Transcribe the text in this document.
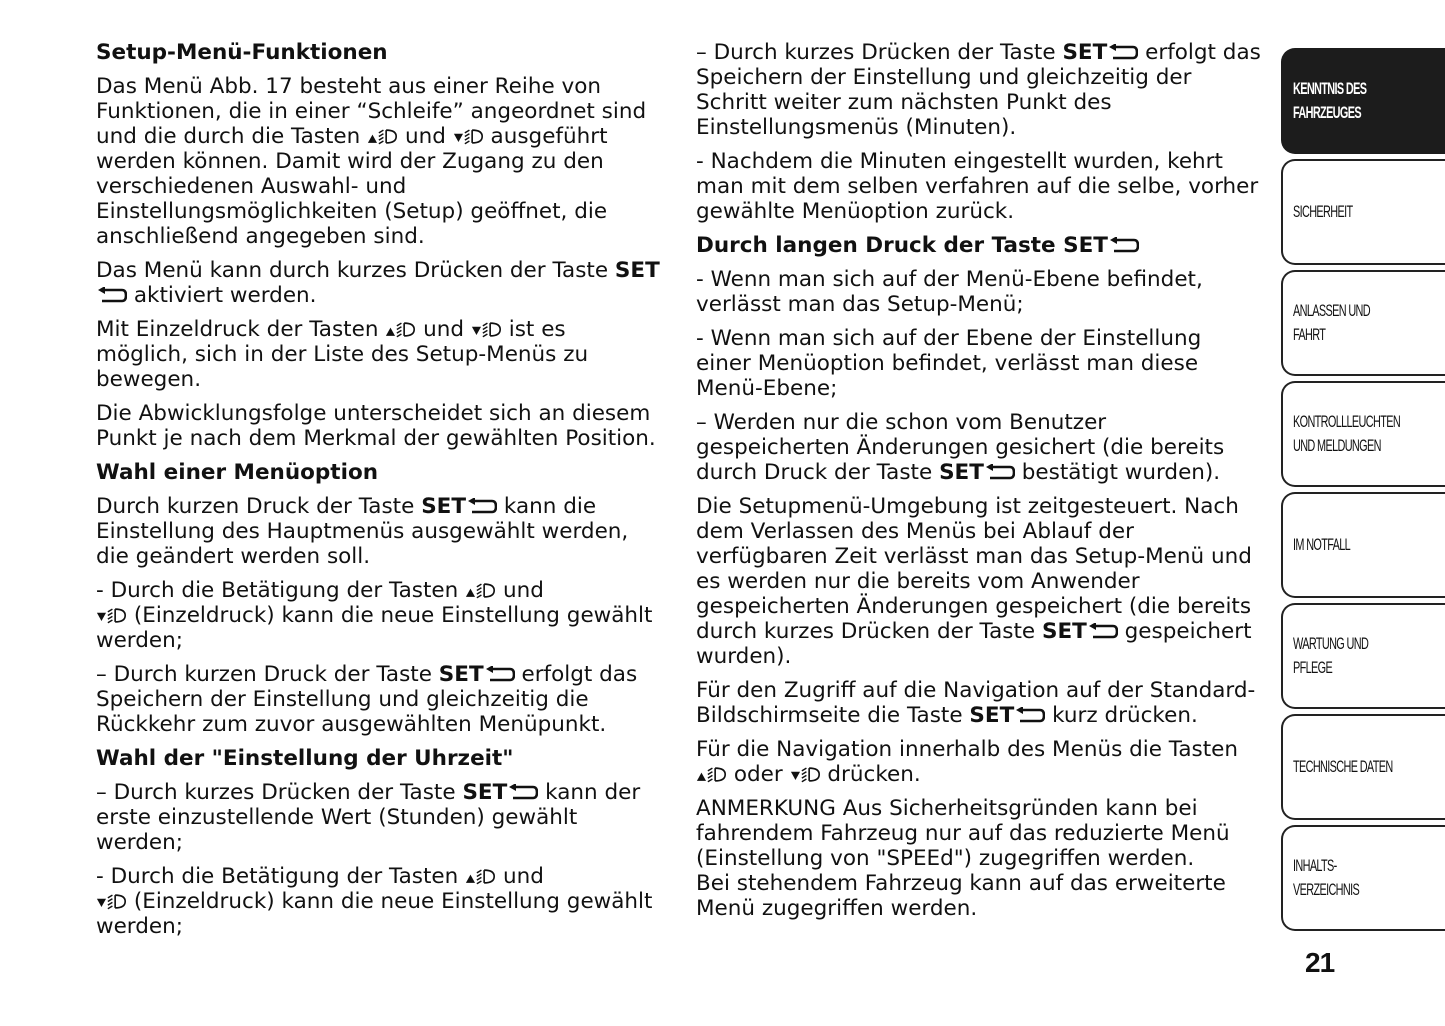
Setup-Menü-Funktionen

Das Menü Abb. 17 besteht aus einer Reihe von Funktionen, die in einer “Schleife” angeordnet sind und die durch die Tasten und ausgeführt werden können. Damit wird der Zugang zu den verschiedenen Auswahl- und Einstellungsmöglichkeiten (Setup) geöffnet, die anschließend angegeben sind.

Das Menü kann durch kurzes Drücken der Taste SET
aktiviert werden.

Mit Einzeldruck der Tasten und ist es möglich, sich in der Liste des Setup-Menüs zu bewegen.

Die Abwicklungsfolge unterscheidet sich an diesem Punkt je nach dem Merkmal der gewählten Position.

Wahl einer Menüoption

Durch kurzen Druck der Taste SET kann die Einstellung des Hauptmenüs ausgewählt werden, die geändert werden soll.

- Durch die Betätigung der Tasten und
(Einzeldruck) kann die neue Einstellung gewählt werden;

– Durch kurzen Druck der Taste SET erfolgt das Speichern der Einstellung und gleichzeitig die Rückkehr zum zuvor ausgewählten Menüpunkt.

Wahl der "Einstellung der Uhrzeit"

– Durch kurzes Drücken der Taste SET kann der erste einzustellende Wert (Stunden) gewählt werden;

- Durch die Betätigung der Tasten und
(Einzeldruck) kann die neue Einstellung gewählt werden;

– Durch kurzes Drücken der Taste SET erfolgt das Speichern der Einstellung und gleichzeitig der Schritt weiter zum nächsten Punkt des Einstellungsmenüs (Minuten).

- Nachdem die Minuten eingestellt wurden, kehrt man mit dem selben verfahren auf die selbe, vorher gewählte Menüoption zurück.

Durch langen Druck der Taste SET

- Wenn man sich auf der Menü-Ebene befindet, verlässt man das Setup-Menü;

- Wenn man sich auf der Ebene der Einstellung einer Menüoption befindet, verlässt man diese Menü-Ebene;

– Werden nur die schon vom Benutzer gespeicherten Änderungen gesichert (die bereits durch Druck der Taste SET bestätigt wurden).

Die Setupmenü-Umgebung ist zeitgesteuert. Nach dem Verlassen des Menüs bei Ablauf der verfügbaren Zeit verlässt man das Setup-Menü und es werden nur die bereits vom Anwender gespeicherten Änderungen gespeichert (die bereits durch kurzes Drücken der Taste SET gespeichert wurden).

Für den Zugriff auf die Navigation auf der Standard-Bildschirmseite die Taste SET kurz drücken.

Für die Navigation innerhalb des Menüs die Tasten
oder drücken.

ANMERKUNG Aus Sicherheitsgründen kann bei fahrendem Fahrzeug nur auf das reduzierte Menü (Einstellung von "SPEEd") zugegriffen werden.
Bei stehendem Fahrzeug kann auf das erweiterte Menü zugegriffen werden.

KENNTNIS DES
FAHRZEUGES
SICHERHEIT
ANLASSEN UND
FAHRT
KONTROLLLEUCHTEN
UND MELDUNGEN
IM NOTFALL
WARTUNG UND
PFLEGE
TECHNISCHE DATEN
INHALTS-
VERZEICHNIS
21
